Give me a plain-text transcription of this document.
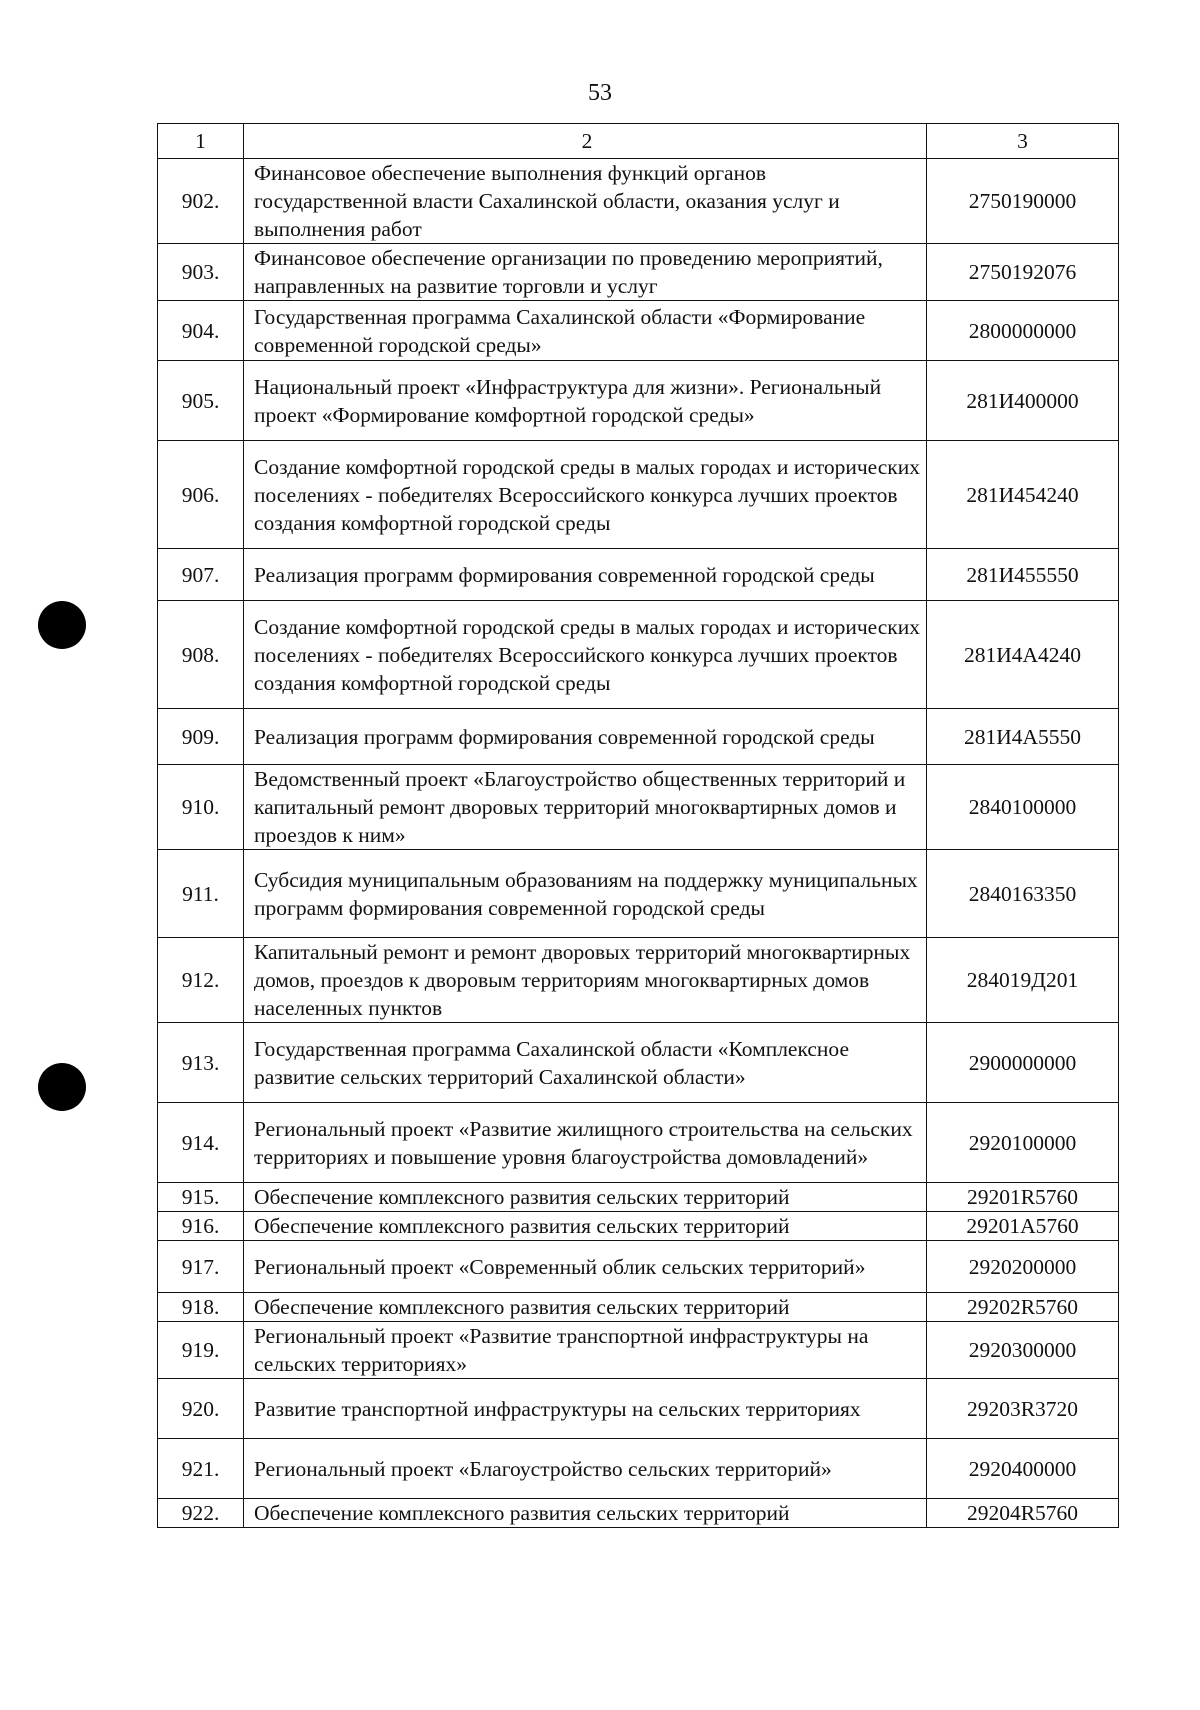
53
1	2	3
902.	Финансовое обеспечение выполнения функций органов государственной власти Сахалинской области, оказания услуг и выполнения работ	2750190000
903.	Финансовое обеспечение организации по проведению мероприятий, направленных на развитие торговли и услуг	2750192076
904.	Государственная программа Сахалинской области «Формирование современной городской среды»	2800000000
905.	Национальный проект «Инфраструктура для жизни». Региональный проект «Формирование комфортной городской среды»	281И400000
906.	Создание комфортной городской среды в малых городах и исторических поселениях - победителях Всероссийского конкурса лучших проектов создания комфортной городской среды	281И454240
907.	Реализация программ формирования современной городской среды	281И455550
908.	Создание комфортной городской среды в малых городах и исторических поселениях - победителях Всероссийского конкурса лучших проектов создания комфортной городской среды	281И4А4240
909.	Реализация программ формирования современной городской среды	281И4А5550
910.	Ведомственный проект «Благоустройство общественных территорий и капитальный ремонт дворовых территорий многоквартирных домов и проездов к ним»	2840100000
911.	Субсидия муниципальным образованиям на поддержку муниципальных программ формирования современной городской среды	2840163350
912.	Капитальный ремонт и ремонт дворовых территорий многоквартирных домов, проездов к дворовым территориям многоквартирных домов населенных пунктов	284019Д201
913.	Государственная программа Сахалинской области «Комплексное развитие сельских территорий Сахалинской области»	2900000000
914.	Региональный проект «Развитие жилищного строительства на сельских территориях и повышение уровня благоустройства домовладений»	2920100000
915.	Обеспечение комплексного развития сельских территорий	29201R5760
916.	Обеспечение комплексного развития сельских территорий	29201А5760
917.	Региональный проект «Современный облик сельских территорий»	2920200000
918.	Обеспечение комплексного развития сельских территорий	29202R5760
919.	Региональный проект «Развитие транспортной инфраструктуры на сельских территориях»	2920300000
920.	Развитие транспортной инфраструктуры на сельских территориях	29203R3720
921.	Региональный проект «Благоустройство сельских территорий»	2920400000
922.	Обеспечение комплексного развития сельских территорий	29204R5760
